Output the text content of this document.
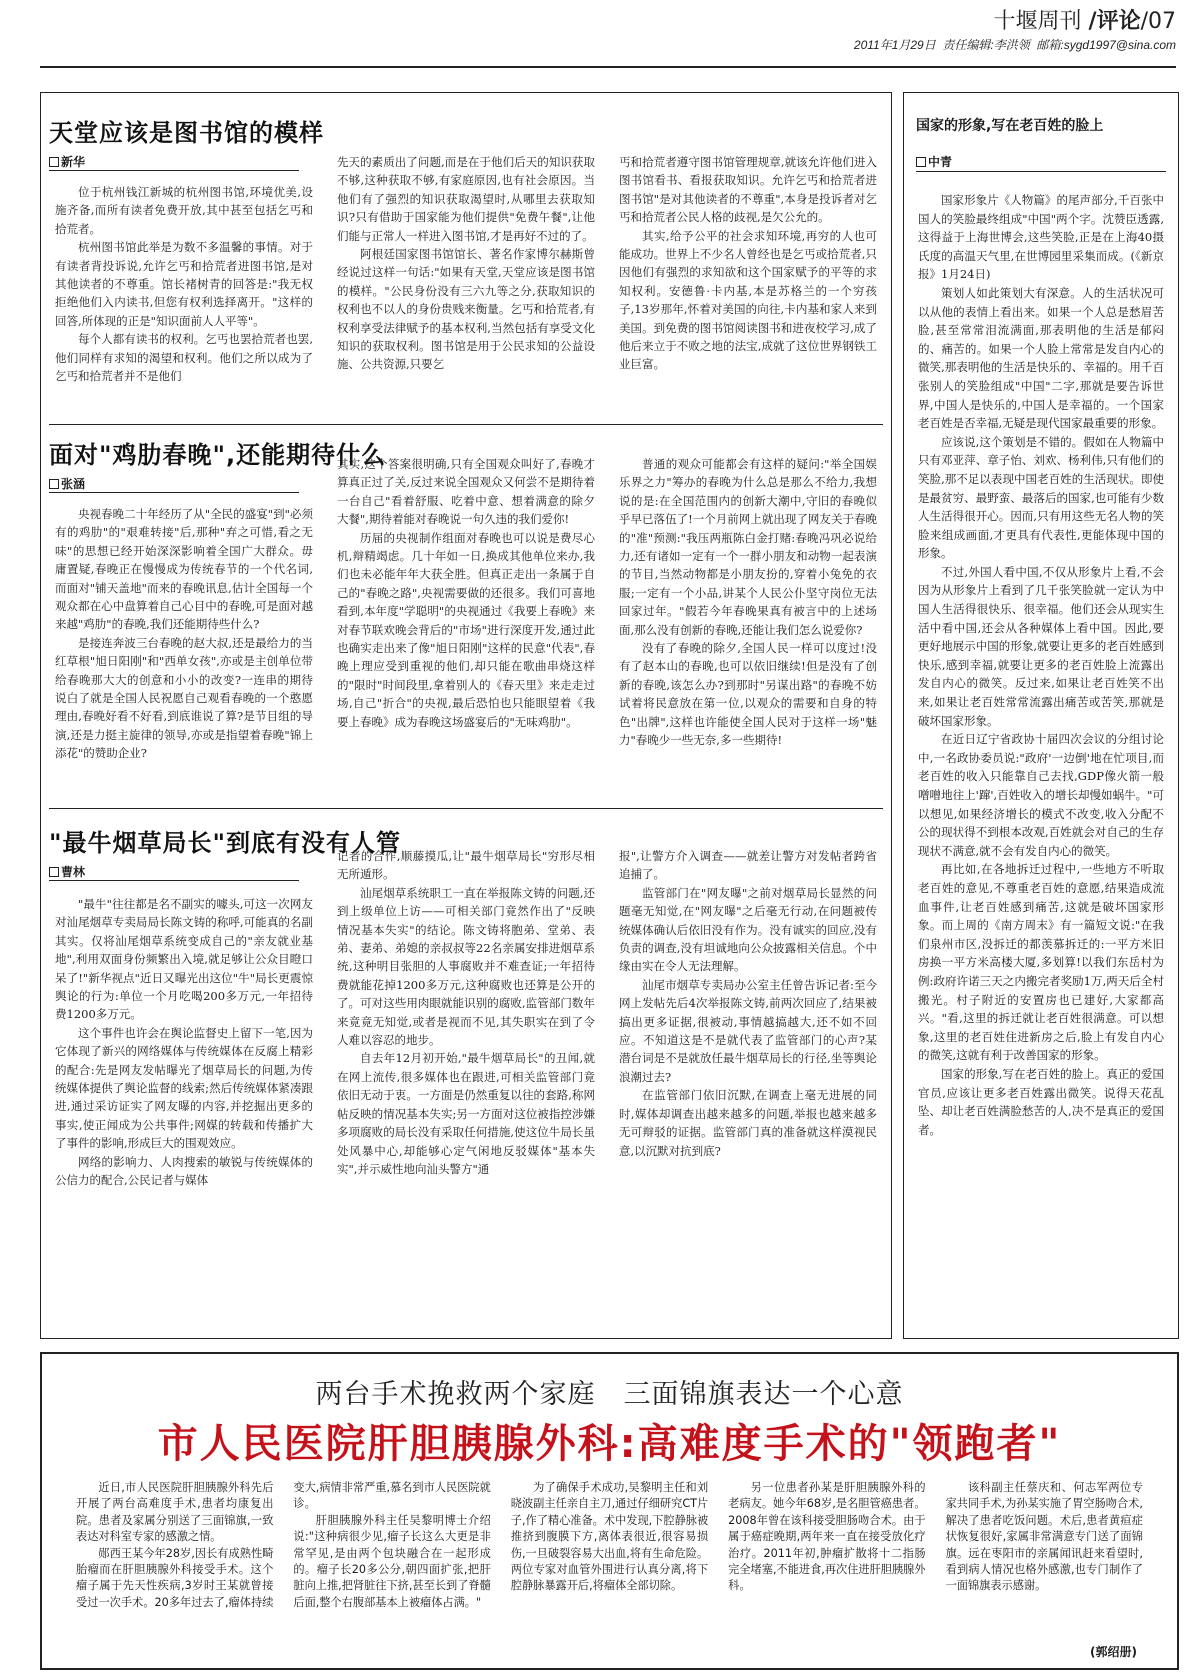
十堰周刊 /评论/07
2011年1月29日 责任编辑:李洪领 邮箱:sygd1997@sina.com
天堂应该是图书馆的模样
新华

位于杭州钱江新城的杭州图书馆,环境优美,设施齐备,而所有读者免费开放,其中甚至包括乞丐和拾荒者。

杭州图书馆此举是为数不多温馨的事情。对于有读者背投诉说,允许乞丐和拾荒者进图书馆,是对其他读者的不尊重。馆长褚树青的回答是:"我无权拒绝他们入内读书,但您有权利选择离开。"这样的回答,所体现的正是"知识面前人人平等"。

每个人都有读书的权利。乞丐也罢拾荒者也罢,他们同样有求知的渴望和权利。他们之所以成为了乞丐和拾荒者并不是他们

先天的素质出了问题,而是在于他们后天的知识获取不够,这种获取不够,有家庭原因,也有社会原因。当他们有了强烈的知识获取渴望时,从哪里去获取知识?只有借助于国家能为他们提供"免费午餐",让他们能与正常人一样进入图书馆,才是再好不过的了。

阿根廷国家图书馆馆长、著名作家博尔赫斯曾经说过这样一句话:"如果有天堂,天堂应该是图书馆的模样。"公民身份没有三六九等之分,获取知识的权利也不以人的身份贵贱来衡量。乞丐和拾荒者,有权利享受法律赋予的基本权利,当然包括有享受文化知识的获取权利。图书馆是用于公民求知的公益设施、公共资源,只要乞

丐和拾荒者遵守图书馆管理规章,就该允许他们进入图书馆看书、看报获取知识。允许乞丐和拾荒者进图书馆"是对其他读者的不尊重",本身是投诉者对乞丐和拾荒者公民人格的歧视,是欠公允的。

其实,给予公平的社会求知环境,再穷的人也可能成功。世界上不少名人曾经也是乞丐或拾荒者,只因他们有强烈的求知欲和这个国家赋予的平等的求知权利。安德鲁·卡内基,本是苏格兰的一个穷孩子,13岁那年,怀着对美国的向往,卡内基和家人来到美国。到免费的图书馆阅读图书和进夜校学习,成了他后来立于不败之地的法宝,成就了这位世界钢铁工业巨富。

面对"鸡肋春晚",还能期待什么
张涵

央视春晚二十年经历了从"全民的盛宴"到"必须有的鸡肋"的"艰难转接"后,那种"弃之可惜,看之无味"的思想已经开始深深影响着全国广大群众。毋庸置疑,春晚正在慢慢成为传统春节的一个代名词,而面对"铺天盖地"而来的春晚讯息,估计全国每一个观众都在心中盘算着自己心目中的春晚,可是面对越来越"鸡肋"的春晚,我们还能期待些什么?

是接连奔波三台春晚的赵大叔,还是最给力的当红草根"旭日阳刚"和"西单女孩",亦或是主创单位带给春晚那大大的创意和小小的改变?一连串的期待说白了就是全国人民祝愿自己观看春晚的一个憨愿理由,春晚好看不好看,到底谁说了算?是节目组的导演,还是力挺主旋律的领导,亦或是指望着春晚"锦上添花"的赞助企业?

其实,这个答案很明确,只有全国观众叫好了,春晚才算真正过了关,反过来说全国观众又何尝不是期待着一台自己"看着舒服、吃着中意、想着满意的除夕大餐",期待着能对春晚说一句久违的我们爱你!

历届的央视制作组面对春晚也可以说是费尽心机,辩精竭虑。几十年如一日,换成其他单位来办,我们也未必能年年大获全胜。但真正走出一条属于自己的"春晚之路",央视需要做的还很多。我们可喜地看到,本年度"学聪明"的央视通过《我要上春晚》来对春节联欢晚会背后的"市场"进行深度开发,通过此也确实走出来了像"旭日阳刚"这样的民意"代表",春晚上理应受到重视的他们,却只能在歌曲串烧这样的"限时"时间段里,拿着别人的《春天里》来走走过场,自己"折合"的央视,最后恐怕也只能眼望着《我要上春晚》成为春晚这场盛宴后的"无味鸡肋"。

普通的观众可能都会有这样的疑问:"举全国娱乐界之力"筹办的春晚为什么总是那么不给力,我想说的是:在全国范围内的创新大潮中,守旧的春晚似乎早已落伍了!一个月前网上就出现了网友关于春晚的"准"预测:"我压两瓶陈白金打赌:春晚冯巩必说给力,还有诸如一定有一个一群小朋友和动物一起表演的节目,当然动物都是小朋友扮的,穿着小兔免的衣服;一定有一个小品,讲某个人民公仆坚守岗位无法回家过年。"假若今年春晚果真有被言中的上述场面,那么没有创新的春晚,还能让我们怎么说爱你?

没有了春晚的除夕,全国人民一样可以度过!没有了赵本山的春晚,也可以依旧继续!但是没有了创新的春晚,该怎么办?到那时"另谋出路"的春晚不妨试着将民意放在第一位,以观众的需要和自身的特色"出牌",这样也许能使全国人民对于这样一场"魅力"春晚少一些无奈,多一些期待!

"最牛烟草局长"到底有没有人管
曹林

"最牛"往往都是名不副实的噱头,可这一次网友对汕尾烟草专卖局局长陈文铸的称呼,可能真的名副其实。仅将汕尾烟草系统变成自己的"亲友就业基地",利用双面身份频繁出入境,就足够让公众目瞪口呆了!"新华视点"近日又曝光出这位"牛"局长更震惊舆论的行为:单位一个月吃喝200多万元,一年招待费1200多万元。

这个事件也许会在舆论监督史上留下一笔,因为它体现了新兴的网络媒体与传统媒体在反腐上精彩的配合:先是网友发帖曝光了烟草局长的问题,为传统媒体提供了舆论监督的线索;然后传统媒体紧凑跟进,通过采访证实了网友曝的内容,并挖掘出更多的事实,使正闻成为公共事件;网媒的转载和传播扩大了事件的影响,形成巨大的围观效应。

网络的影响力、人肉搜索的敏锐与传统媒体的公信力的配合,公民记者与媒体

记者的合作,顺藤摸瓜,让"最牛烟草局长"穷形尽相无所遁形。

汕尾烟草系统职工一直在举报陈文铸的问题,还到上级单位上访——可相关部门竟然作出了"反映情况基本失实"的结论。陈文铸将胞弟、堂弟、表弟、妻弟、弟媳的亲叔叔等22名亲属安排进烟草系统,这种明目张胆的人事腐败并不难查证;一年招待费就能花掉1200多万元,这种腐败也还算是公开的了。可对这些用肉眼就能识别的腐败,监管部门数年来竟竟无知觉,或者是视而不见,其失职实在到了令人难以容忍的地步。

自去年12月初开始,"最牛烟草局长"的丑闻,就在网上流传,很多媒体也在跟进,可相关监管部门竟依旧无动于衷。一方面是仍然重复以往的套路,称网帖反映的情况基本失实;另一方面对这位被指控涉嫌多项腐败的局长没有采取任何措施,使这位牛局长虽处风暴中心,却能够心定气闲地反驳媒体"基本失实",并示威性地向汕头警方"通

报",让警方介入调查——就差让警方对发帖者跨省追捕了。

监管部门在"网友曝"之前对烟草局长显然的问题毫无知觉,在"网友曝"之后毫无行动,在问题被传统媒体确认后依旧没有作为。没有诚实的回应,没有负责的调查,没有坦诚地向公众披露相关信息。个中缘由实在令人无法理解。

汕尾市烟草专卖局办公室主任曾告诉记者:至今网上发帖先后4次举报陈文铸,前两次回应了,结果被搞出更多证据,很被动,事情越搞越大,还不如不回应。不知道这是不是就代表了监管部门的心声?某潜台词是不是就放任最牛烟草局长的行径,坐等舆论浪潮过去?

在监管部门依旧沉默,在调查上毫无进展的同时,媒体却调查出越来越多的问题,举报也越来越多无可辩驳的证据。监管部门真的准备就这样漠视民意,以沉默对抗到底?

国家的形象,写在老百姓的脸上
中青

国家形象片《人物篇》的尾声部分,千百张中国人的笑脸最终组成"中国"两个字。沈赞臣透露,这得益于上海世博会,这些笑脸,正是在上海40摄氏度的高温天气里,在世博园里采集而成。(《新京报》1月24日)

策划人如此策划大有深意。人的生活状况可以从他的表情上看出来。如果一个人总是愁眉苦脸,甚至常常泪流满面,那表明他的生活是郁闷的、痛苦的。如果一个人脸上常常是发自内心的微笑,那表明他的生活是快乐的、幸福的。用千百张别人的笑脸组成"中国"二字,那就是要告诉世界,中国人是快乐的,中国人是幸福的。一个国家老百姓是否幸福,无疑是现代国家最重要的形象。

应该说,这个策划是不错的。假如在人物篇中只有邓亚萍、章子怡、刘欢、杨利伟,只有他们的笑脸,那不足以表现中国老百姓的生活现状。即使是最贫穷、最野蛮、最落后的国家,也可能有少数人生活得很开心。因而,只有用这些无名人物的笑脸来组成画面,才更具有代表性,更能体现中国的形象。

不过,外国人看中国,不仅从形象片上看,不会因为从形象片上看到了几千张笑脸就一定认为中国人生活得很快乐、很幸福。他们还会从现实生活中看中国,还会从各种媒体上看中国。因此,要更好地展示中国的形象,就要让更多的老百姓感到快乐,感到幸福,就要让更多的老百姓脸上流露出发自内心的微笑。反过来,如果让老百姓笑不出来,如果让老百姓常常流露出痛苦或苦笑,那就是破坏国家形象。

在近日辽宁省政协十届四次会议的分组讨论中,一名政协委员说:"政府'一边倒'地在忙项目,而老百姓的收入只能靠自己去找,GDP像火箭一般噌噌地往上'蹿',百姓收入的增长却慢如蜗牛。"可以想见,如果经济增长的模式不改变,收入分配不公的现状得不到根本改观,百姓就会对自己的生存现状不满意,就不会有发自内心的微笑。

再比如,在各地拆迁过程中,一些地方不听取老百姓的意见,不尊重老百姓的意愿,结果造成流血事件,让老百姓感到痛苦,这就是破坏国家形象。而上周的《南方周末》有一篇短文说:"在我们泉州市区,没拆迁的都羡慕拆迁的:一平方米旧房换一平方米高楼大厦,多划算!以我们东岳村为例:政府许诺三天之内搬完者奖励1万,两天后全村搬光。村子附近的安置房也已建好,大家都高兴。"看,这里的拆迁就让老百姓很满意。可以想象,这里的老百姓住进新房之后,脸上有发自内心的微笑,这就有利于改善国家的形象。

国家的形象,写在老百姓的脸上。真正的爱国官员,应该让更多老百姓露出微笑。说得天花乱坠、却让老百姓满脸愁苦的人,决不是真正的爱国者。

两台手术挽救两个家庭 三面锦旗表达一个心意
市人民医院肝胆胰腺外科:高难度手术的"领跑者"

近日,市人民医院肝胆胰腺外科先后开展了两台高难度手术,患者均康复出院。患者及家属分别送了三面锦旗,一致表达对科室专家的感激之情。

郧西王某今年28岁,因长有成熟性畸胎瘤而在肝胆胰腺外科接受手术。这个瘤子属于先天性疾病,3岁时王某就曾接受过一次手术。20多年过去了,瘤体持续变大,病情非常严重,慕名到市人民医院就诊。

肝胆胰腺外科主任吴黎明博士介绍说:"这种病很少见,瘤子长这么大更是非常罕见,是由两个包块融合在一起形成的。瘤子长20多公分,朝四面扩张,把肝脏向上推,把肾脏往下挤,甚至长到了脊髓后面,整个右腹部基本上被瘤体占满。"

为了确保手术成功,吴黎明主任和刘晓波副主任亲自主刀,通过仔细研究CT片子,作了精心准备。术中发现,下腔静脉被推挤到腹膜下方,离体表很近,很容易损伤,一旦破裂容易大出血,将有生命危险。两位专家对血管外围进行认真分离,将下腔静脉暴露开后,将瘤体全部切除。

另一位患者孙某是肝胆胰腺外科的老病友。她今年68岁,是名胆管癌患者。2008年曾在该科接受胆肠吻合术。由于属于癌症晚期,两年来一直在接受放化疗治疗。2011年初,肿瘤扩散将十二指肠完全堵塞,不能进食,再次住进肝胆胰腺外科。

该科副主任蔡庆和、何志军两位专家共同手术,为孙某实施了胃空肠吻合术,解决了患者吃饭问题。术后,患者黄疸症状恢复很好,家属非常满意专门送了面锦旗。远在枣阳市的亲属闻讯赶来看望时,看到病人情况也格外感激,也专门制作了一面锦旗表示感谢。

(郭绍册)
